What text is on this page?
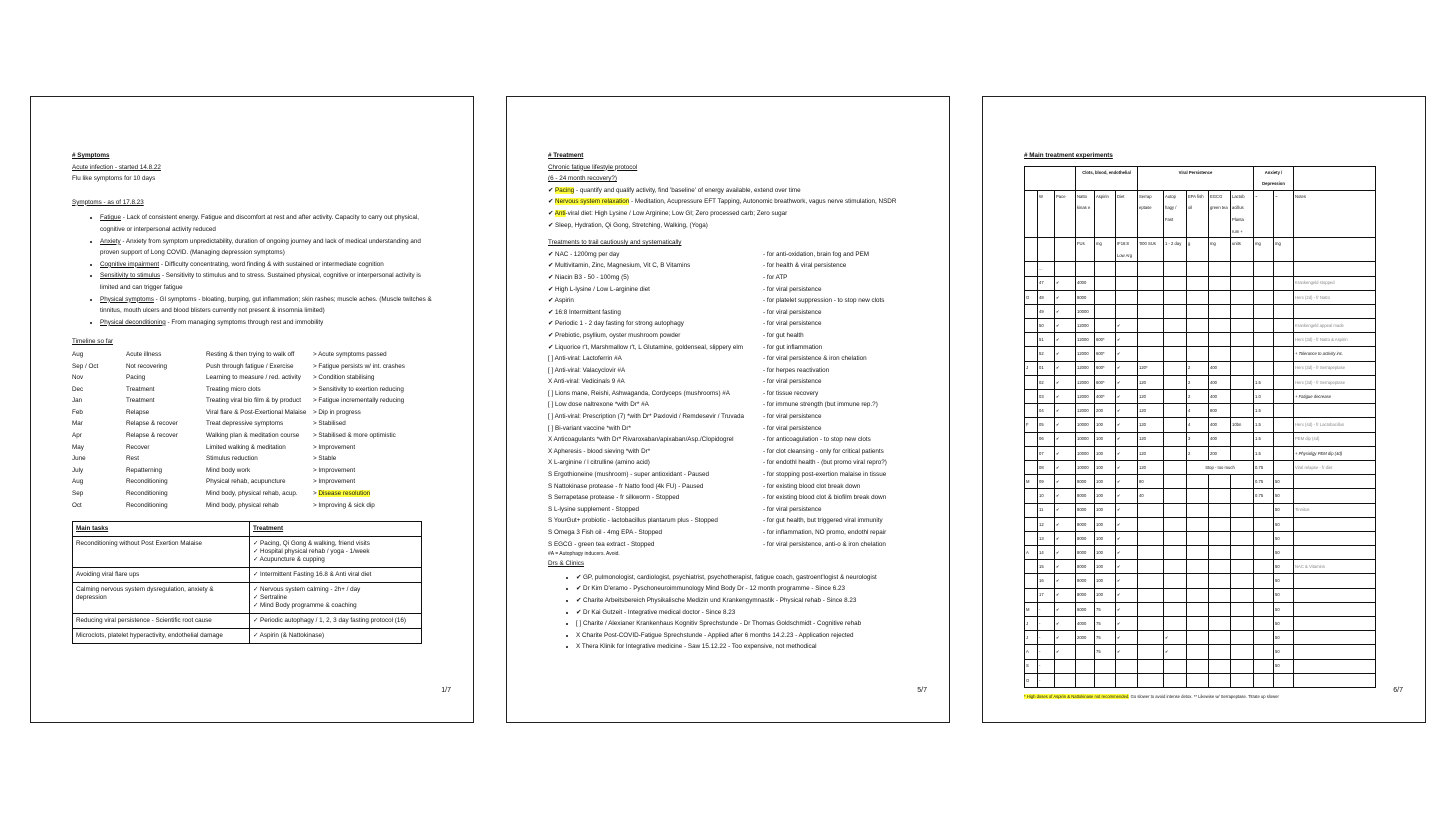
# Symptoms
Acute infection - started 14.8.22
Flu like symptoms for 10 days
Symptoms - as of 17.8.23
• Fatigue - Lack of consistent energy. Fatigue and discomfort at rest and after activity. Capacity to carry out physical, cognitive or interpersonal activity reduced
• Anxiety - Anxiety from symptom unpredictability, duration of ongoing journey and lack of medical understanding and proven support of Long COVID. (Managing depression symptoms)
• Cognitive impairment - Difficulty concentrating, word finding & with sustained or intermediate cognition
• Sensitivity to stimulus - Sensitivity to stimulus and to stress. Sustained physical, cognitive or interpersonal activity is limited and can trigger fatigue
• Physical symptoms - GI symptoms - bloating, burping, gut inflammation; skin rashes; muscle aches. (Muscle twitches & tinnitus, mouth ulcers and blood blisters currently not present & insomnia limited)
• Physical deconditioning - From managing symptoms through rest and immobility
Timeline so far
Aug	Acute illness	Resting & then trying to walk off	> Acute symptoms passed
Sep / Oct	Not recovering	Push through fatigue / Exercise	> Fatigue persists w/ int. crashes
Nov	Pacing	Learning to measure / red. activity	> Condition stabilising
Dec	Treatment	Treating micro clots	> Sensitivity to exertion reducing
Jan	Treatment	Treating viral bio film & by product	> Fatigue incrementally reducing
Feb	Relapse	Viral flare & Post-Exertional Malaise	> Dip in progress
Mar	Relapse & recover	Treat depressive symptoms	> Stabilised
Apr	Relapse & recover	Walking plan & meditation course	> Stabilised & more optimistic
May	Recover	Limited walking & meditation	> Improvement
June	Rest	Stimulus reduction	> Stable
July	Repatterning	Mind body work	> Improvement
Aug	Reconditioning	Physical rehab, acupuncture	> Improvement
Sep	Reconditioning	Mind body, physical rehab, acup.	> Disease resolution
Oct	Reconditioning	Mind body, physical rehab	> Improving & sick dip
Main tasks	Treatment
Reconditioning without Post Exertion Malaise	✓ Pacing, Qi Gong & walking, friend visits
✓ Hospital physical rehab / yoga - 1/week
✓ Acupuncture & cupping

Avoiding viral flare ups	✓ Intermittent Fasting 16.8 & Anti viral diet

Calming nervous system dysregulation, anxiety & depression	✓ Nervous system calming - 2h+ / day
✓ Sertraline
✓ Mind Body programme & coaching

Reducing viral persistence - Scientific root cause	✓ Periodic autophagy / 1, 2, 3 day fasting protocol (16)

Microclots, platelet hyperactivity, endothelial damage	✓ Aspirin (& Nattokinase)
1/7
# Treatment
Chronic fatigue lifestyle protocol
(6 - 24 month recovery?)
✔ Pacing - quantify and qualify activity, find 'baseline' of energy available, extend over time
✔ Nervous system relaxation - Meditation, Acupressure EFT Tapping, Autonomic breathwork, vagus nerve stimulation, NSDR
✔ Anti-viral diet: High Lysine / Low Arginine; Low GI; Zero processed carb; Zero sugar
✔ Sleep, Hydration, Qi Gong, Stretching, Walking, (Yoga)
Treatments to trail cautiously and systematically
✔ NAC - 1200mg per day	- for anti-oxidation, brain fog and PEM
✔ Multivitamin, Zinc, Magnesium, Vit C, B Vitamins	- for health & viral persistence
✔ Niacin B3 - 50 - 100mg (5)	- for ATP
✔ High L-lysine / Low L-arginine diet	- for viral persistence
✔ Aspirin	- for platelet suppression - to stop new clots
✔ 16:8 Intermittent fasting	- for viral persistence
✔ Periodic 1 - 2 day fasting for strong autophagy	- for viral persistence
✔ Prebiotic, psyllium, oyster mushroom powder	- for gut health
✔ Liquorice r't, Marshmallow r't, L Glutamine, goldenseal, slippery elm	- for gut inflammation
[ ] Anti-viral: Lactoferrin #A	- for viral persistence & iron chelation
[ ] Anti-viral: Valacyclovir #A	- for herpes reactivation
X Anti-viral: Vedicinals 9 #A	- for viral persistence
[ ] Lions mane, Reishi, Ashwaganda, Cordyceps (mushrooms) #A	- for tissue recovery
[ ] Low dose naltrexone *with Dr* #A	- for immune strength (but immune rep.?)
[ ] Anti-viral: Prescription (7) *with Dr* Paxlovid / Remdesevir / Truvada	- for viral persistence
[ ] Bi-variant vaccine *with Dr*	- for viral persistence
X Anticoagulants *with Dr* Rivaroxaban/apixaban/Asp./Clopidogrel	- for anticoagulation - to stop new clots
X Apheresis - blood sieving *with Dr*	- for clot cleansing - only for critical patients
X L-arginine / l citrulline (amino acid)	- for endothl health - (but promo viral repro?)
S Ergothioneine (mushroom) - super antioxidant - Paused	- for stopping post-exertion malaise in tissue
S Nattokinase protease - fr Natto food (4k FU) - Paused	- for existing blood clot break down
S Serrapetase protease - fr silkworm - Stopped	- for existing blood clot & biofilm break down
S L-lysine supplement - Stopped	- for viral persistence
S YourGut+ probiotic - lactobacillus plantarum plus - Stopped	- for gut health, but triggered viral immunity
S Omega 3 Fish oil - 4mg EPA - Stopped	- for inflammation, NO promo, endothl repair
S EGCG - green tea extract - Stopped	- for viral persistence, anti-o & iron chelation
#A = Autophagy inducers. Avoid.
Drs & Clinics
• ✔ GP, pulmonologist, cardiologist, psychiatrist, psychotherapist, fatigue coach, gastroent'logist & neurologist
• ✔ Dr Kim D'eramo - Pyschoneuroimmunology Mind Body Dr - 12 month programme - Since 6.23
• ✔ Charite Arbeitsbereich Physikalische Medizin und Krankengymnastik - Physical rehab - Since 8.23
• ✔ Dr Kai Gutzeit - Integrative medical doctor - Since 8.23
• [ ] Charite / Alexianer Krankenhaus Kognitiv Sprechstunde - Dr Thomas Goldschmidt - Cognitive rehab
• X Charite Post-COVID-Fatigue Sprechstunde - Applied after 6 months 14.2.23 - Application rejected
• X Thera Klinik for Integrative medicine - Saw 15.12.22 - Too expensive, not methodical
5/7
# Main treatment experiments
			Clots, blood, endothelial			Viral Persistence					Anxiety / Depression		
	W	Pace	Natto kinas e	Aspirin	Diet	Serrap eptase	Autop hagy / Fast	EPA fish oil	EGCG green tea	Lactob acillus Planta rum +	~	~	Notes
			FUs	mg	IF16:8 Low Arg	'000 SUs	1 - 2 day	g	mg	units	mg	mg	
	...												
	47	✔	4000										Krankengeld stopped
O	48	✔	8000										Herx (2d) - fr Natto
	49	✔	10000										
	50	✔	12000		✔								Krankengeld appeal made
	51	✔	12000	600*	✔								Herx (3d) - fr Natto & Aspirin
	52	✔	12000	600*	✔								+ Tolerance to activity inc.
J	01	✔	12000	600*	✔	120*		2	400				Herx (3d) - fr Serrapeptase
	02	✔	12000	600*	✔	120		2	400		1.5		Herx (3d) - fr Serrapeptase
	03	✔	12000	400*	✔	120		2	400		1.0		+ Fatigue decrease
	04	✔	12000	200	✔	120		4	800		1.5		
F	05	✔	10000	100	✔	120		4	400	10bn	1.5		Herx (4d) - fr Lactobacillus
	06	✔	10000	100	✔	120		3	400		1.5		PEM dip (4d)
	07	✔	10000	100	✔	120		2	200		1.5		+ Physiolgy PEM dip (4d)
	08	✔	10000	100	✔	120		Stop - too much			0.75		Viral relapse - fr diet
M	09	✔	8000	100	✔	80					0.75	50	
	10	✔	8000	100	✔	40					0.75	50	
	11	✔	8000	100	✔							50	Tinnitus
	12	✔	8000	100	✔							50	
	13	✔	8000	100	✔							50	
A	14	✔	8000	100	✔							50	
	15	✔	8000	100	✔							50	NAC & Vitamins
	16	✔	8000	100	✔							50	
	17	✔	8000	100	✔							50	
M	-	✔	6000	75	✔							50	
J	-	✔	4000	75	✔							50	
J	-	✔	2000	75	✔		✔					50	
A	-	✔		75	✔		✔					50	
S	-											50	
O	-												
* High doses of Aspirin & Nattokinase not recommended. Go slower to avoid intense detox. ** Likewise w/ Serrapeptase. Titrate up slower
6/7
